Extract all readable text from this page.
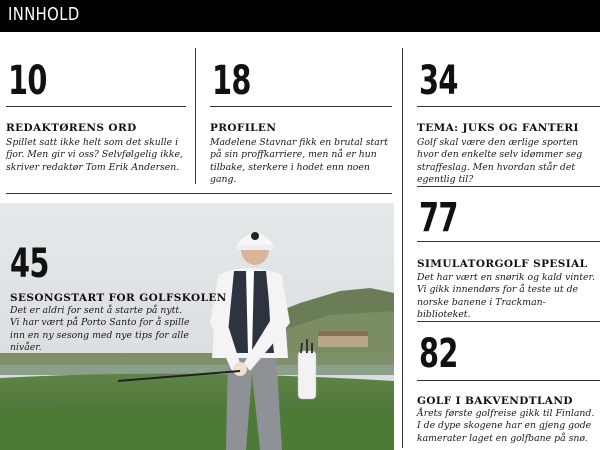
INNHOLD
10
REDAKTØRENS ORD
Spillet satt ikke helt som det skulle i fjor. Men gir vi oss? Selvfølgelig ikke, skriver redaktør Tom Erik Andersen.
18
PROFILEN
Madelene Stavnar fikk en brutal start på sin proffkarriere, men nå er hun tilbake, sterkere i hodet enn noen gang.
34
TEMA: JUKS OG FANTERI
Golf skal være den ærlige sporten hvor den enkelte selv idømmer seg straffeslag. Men hvordan står det egentlig til?
45
SESONGSTART FOR GOLFSKOLEN
Det er aldri for sent å starte på nytt. Vi har vært på Porto Santo for å spille inn en ny sesong med nye tips for alle nivåer.
77
SIMULATORGOLF SPESIAL
Det har vært en snørik og kald vinter. Vi gikk innendørs for å teste ut de norske banene i Trackman-biblioteket.
82
GOLF I BAKVENDTLAND
Årets første golfreise gikk til Finland. I de dype skogene har en gjeng gode kamerater laget en golfbane på snø.
